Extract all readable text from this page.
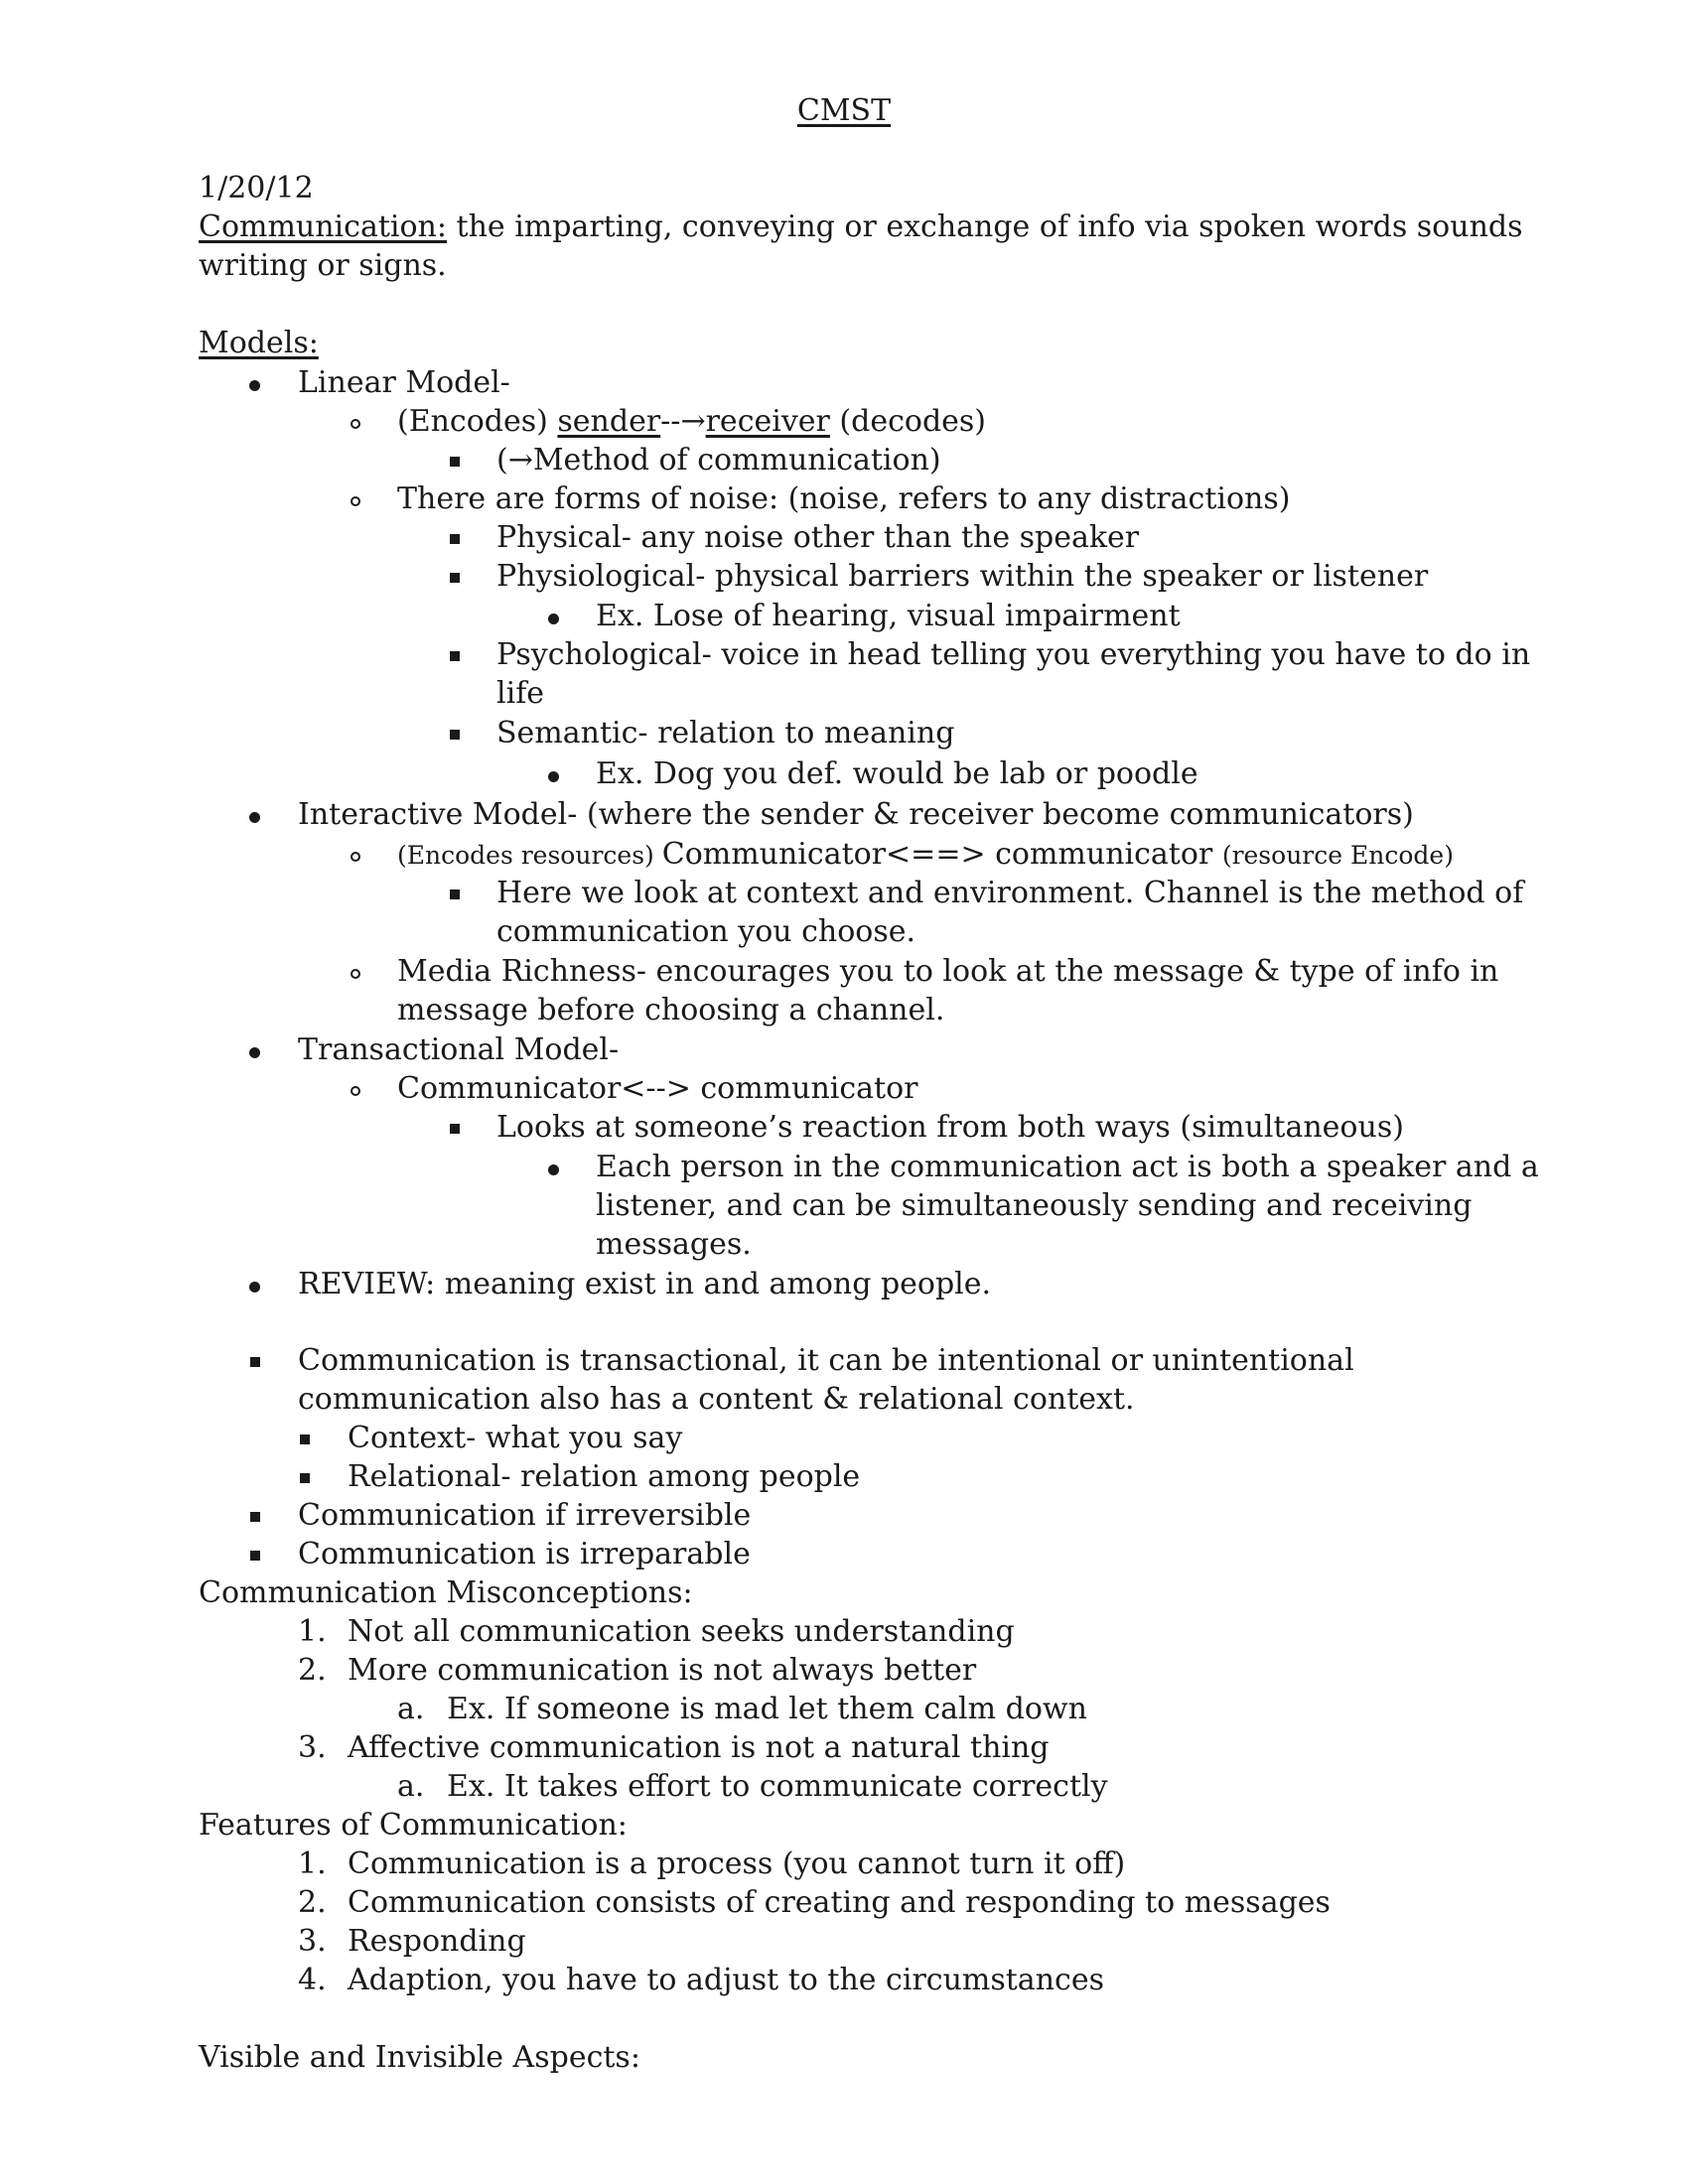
CMST
1/20/12
Communication: the imparting, conveying or exchange of info via spoken words sounds
writing or signs.
Models:
Linear Model-
(Encodes) sender--→receiver (decodes)
(→Method of communication)
There are forms of noise: (noise, refers to any distractions)
Physical- any noise other than the speaker
Physiological- physical barriers within the speaker or listener
Ex. Lose of hearing, visual impairment
Psychological- voice in head telling you everything you have to do in
life
Semantic- relation to meaning
Ex. Dog you def. would be lab or poodle
Interactive Model- (where the sender & receiver become communicators)
(Encodes resources) Communicator<==> communicator (resource Encode)
Here we look at context and environment. Channel is the method of
communication you choose.
Media Richness- encourages you to look at the message & type of info in
message before choosing a channel.
Transactional Model-
Communicator<--> communicator
Looks at someone’s reaction from both ways (simultaneous)
Each person in the communication act is both a speaker and a
listener, and can be simultaneously sending and receiving
messages.
REVIEW: meaning exist in and among people.
Communication is transactional, it can be intentional or unintentional
communication also has a content & relational context.
Context- what you say
Relational- relation among people
Communication if irreversible
Communication is irreparable
Communication Misconceptions:
1. Not all communication seeks understanding
2. More communication is not always better
a. Ex. If someone is mad let them calm down
3. Affective communication is not a natural thing
a. Ex. It takes effort to communicate correctly
Features of Communication:
1. Communication is a process (you cannot turn it off)
2. Communication consists of creating and responding to messages
3. Responding
4. Adaption, you have to adjust to the circumstances
Visible and Invisible Aspects:
